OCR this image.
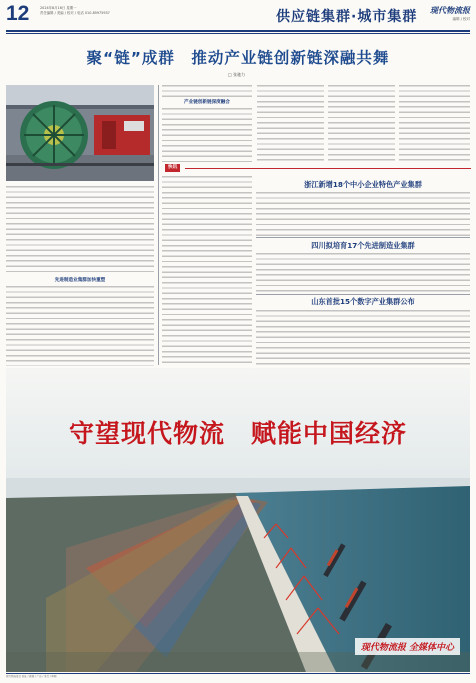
12	2024年8月16日 星期一
责任编辑 / 美编 / 校对 / 电话 010-85975937	供应链集群·城市集群 现代物流报
编辑 / 校对
聚“链”成群　推动产业链创新链深融共舞
□ 张驰力
先进制造业集群加快重塑
产业链创新链深度融合
快讯
浙江新增18个中小企业特色产业集群
四川拟培育17个先进制造业集群
山东首批15个数字产业集群公布
守望现代物流　赋能中国经济
现代物流报 全媒体中心
现代物流报社 地址 / 邮编 / 广告 / 发行 / 印刷
